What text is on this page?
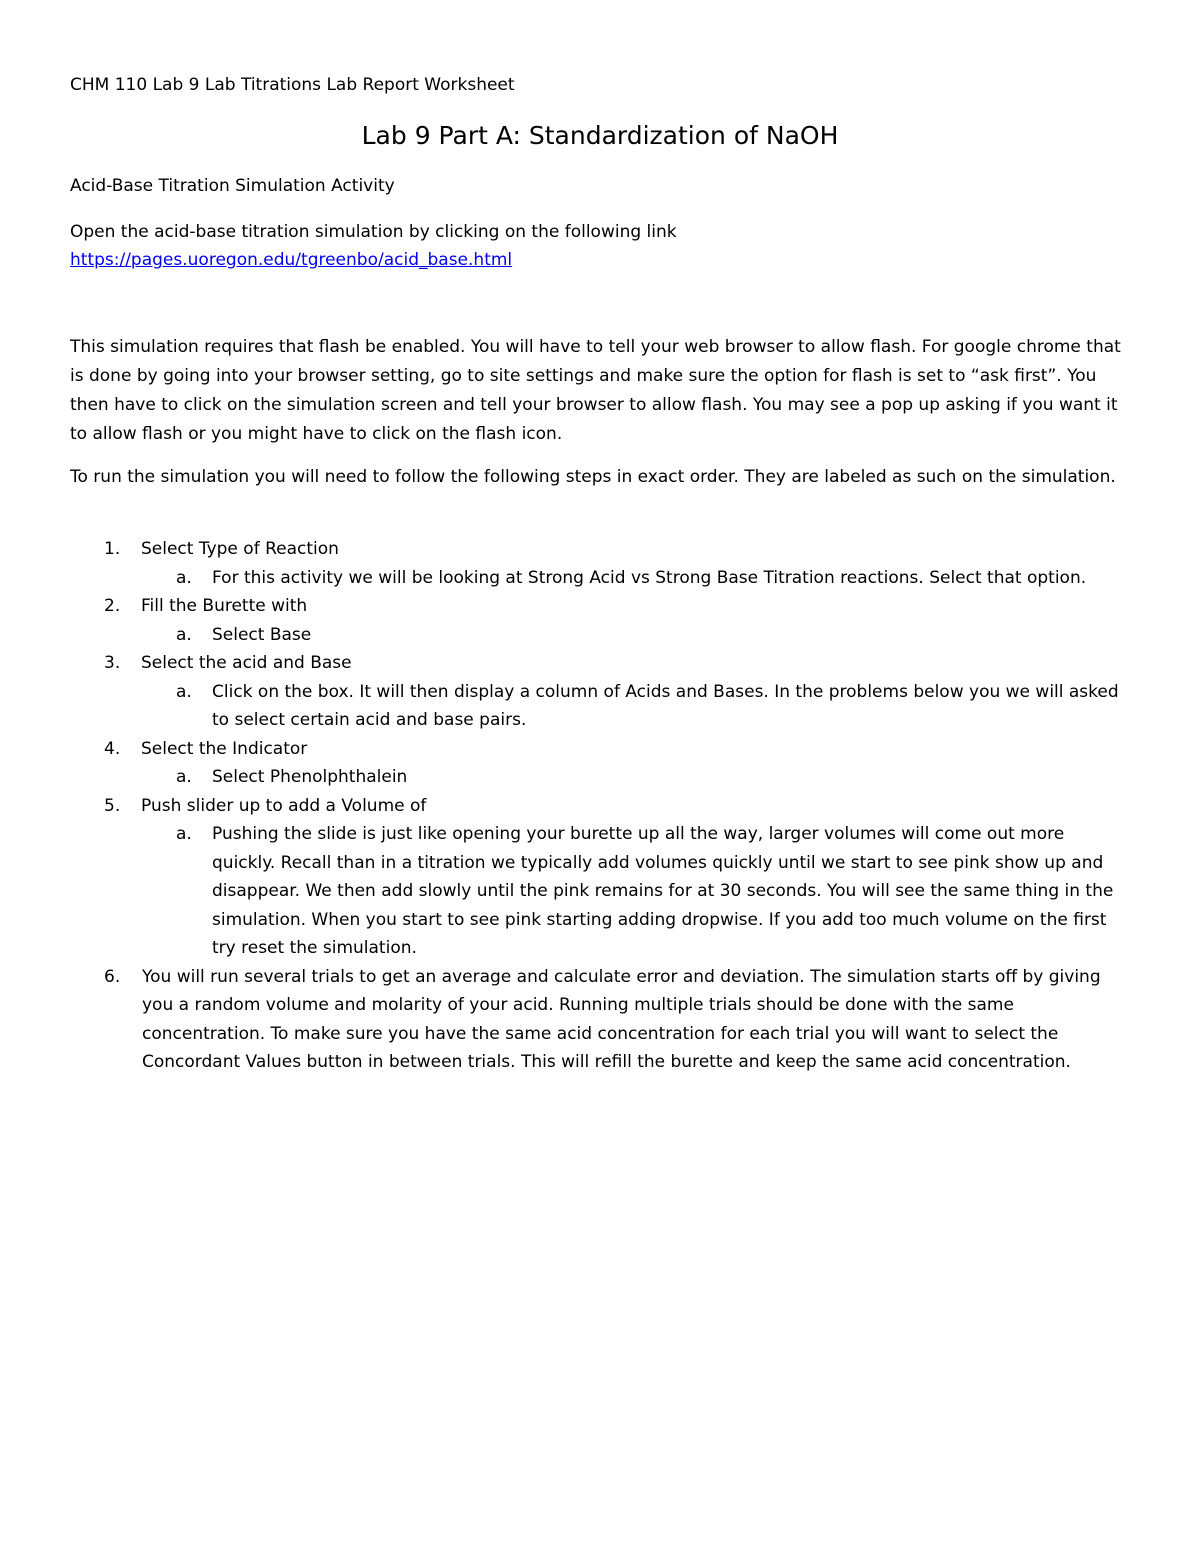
CHM 110 Lab 9 Lab Titrations Lab Report Worksheet
Lab 9 Part A: Standardization of NaOH
Acid-Base Titration Simulation Activity
Open the acid-base titration simulation by clicking on the following link
https://pages.uoregon.edu/tgreenbo/acid_base.html
This simulation requires that flash be enabled. You will have to tell your web browser to allow flash. For google chrome that is done by going into your browser setting, go to site settings and make sure the option for flash is set to “ask first”. You then have to click on the simulation screen and tell your browser to allow flash. You may see a pop up asking if you want it to allow flash or you might have to click on the flash icon.
To run the simulation you will need to follow the following steps in exact order. They are labeled as such on the simulation.
1. Select Type of Reaction
a. For this activity we will be looking at Strong Acid vs Strong Base Titration reactions. Select that option.
2. Fill the Burette with
a. Select Base
3. Select the acid and Base
a. Click on the box. It will then display a column of Acids and Bases. In the problems below you we will asked to select certain acid and base pairs.
4. Select the Indicator
a. Select Phenolphthalein
5. Push slider up to add a Volume of
a. Pushing the slide is just like opening your burette up all the way, larger volumes will come out more quickly. Recall than in a titration we typically add volumes quickly until we start to see pink show up and disappear. We then add slowly until the pink remains for at 30 seconds. You will see the same thing in the simulation. When you start to see pink starting adding dropwise. If you add too much volume on the first try reset the simulation.
6. You will run several trials to get an average and calculate error and deviation. The simulation starts off by giving you a random volume and molarity of your acid. Running multiple trials should be done with the same concentration. To make sure you have the same acid concentration for each trial you will want to select the Concordant Values button in between trials. This will refill the burette and keep the same acid concentration.
